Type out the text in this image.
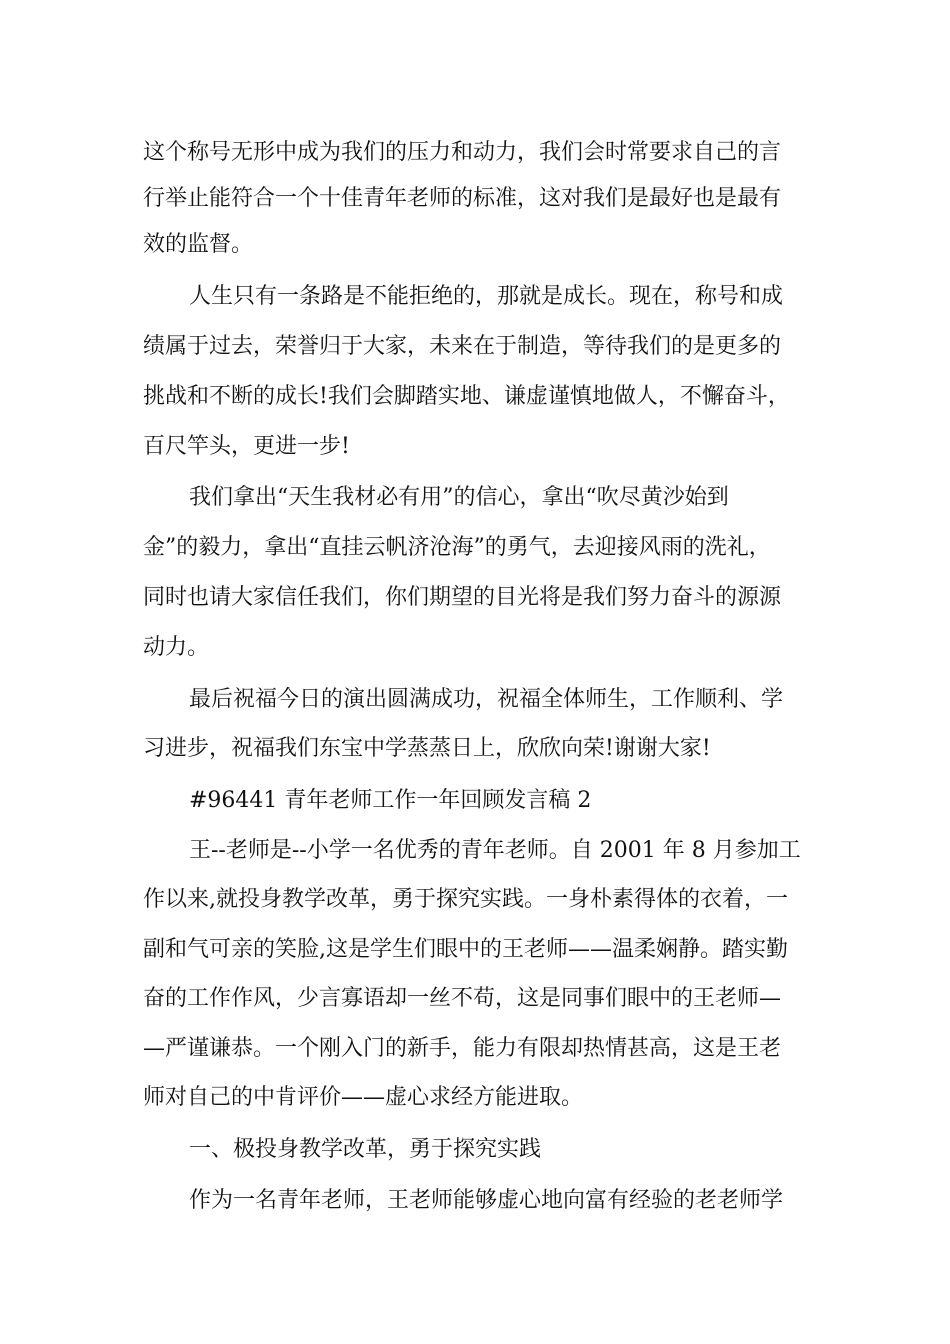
这个称号无形中成为我们的压力和动力，我们会时常要求自己的言

行举止能符合一个十佳青年老师的标准，这对我们是最好也是最有

效的监督。

人生只有一条路是不能拒绝的，那就是成长。现在，称号和成

绩属于过去，荣誉归于大家，未来在于制造，等待我们的是更多的

挑战和不断的成长!我们会脚踏实地、谦虚谨慎地做人，不懈奋斗，

百尺竿头，更进一步!

我们拿出“天生我材必有用”的信心，拿出“吹尽黄沙始到

金”的毅力，拿出“直挂云帆济沧海”的勇气，去迎接风雨的洗礼，

同时也请大家信任我们，你们期望的目光将是我们努力奋斗的源源

动力。

最后祝福今日的演出圆满成功，祝福全体师生，工作顺利、学

习进步，祝福我们东宝中学蒸蒸日上，欣欣向荣!谢谢大家!

#96441 青年老师工作一年回顾发言稿 2

王--老师是--小学一名优秀的青年老师。自 2001 年 8 月参加工

作以来,就投身教学改革，勇于探究实践。一身朴素得体的衣着，一

副和气可亲的笑脸,这是学生们眼中的王老师——温柔娴静。踏实勤

奋的工作作风，少言寡语却一丝不苟，这是同事们眼中的王老师—

—严谨谦恭。一个刚入门的新手，能力有限却热情甚高，这是王老

师对自己的中肯评价——虚心求经方能进取。

一、极投身教学改革，勇于探究实践

作为一名青年老师，王老师能够虚心地向富有经验的老老师学
